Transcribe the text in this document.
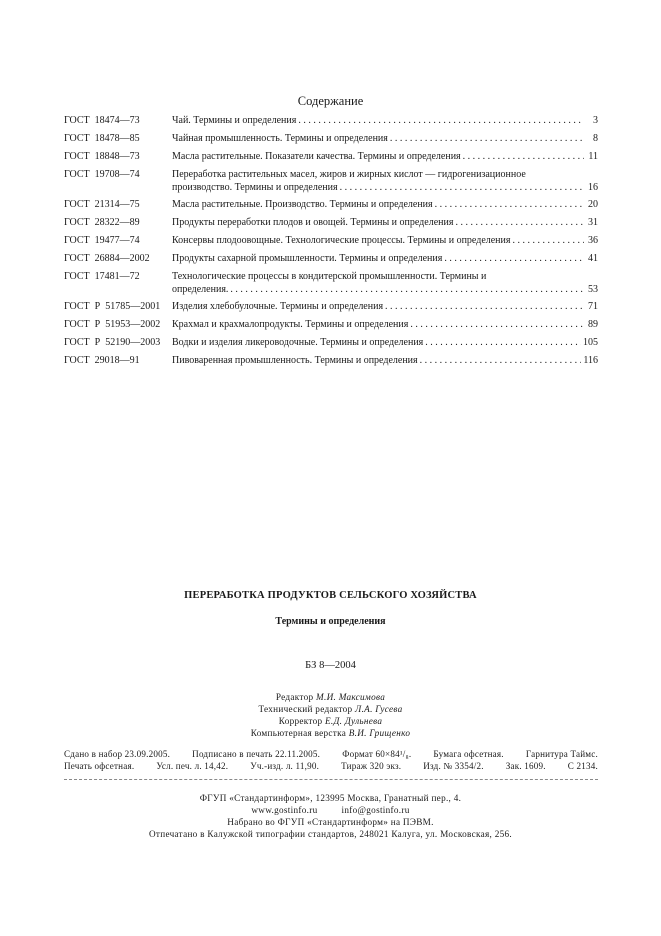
Содержание
ГОСТ  18474—73	Чай. Термины и определения . . .	3
ГОСТ  18478—85	Чайная промышленность. Термины и определения . . .	8
ГОСТ  18848—73	Масла растительные. Показатели качества. Термины и определения . . .	11
ГОСТ  19708—74	Переработка растительных масел, жиров и жирных кислот — гидрогенизационное
производство. Термины и определения . . .	16
ГОСТ  21314—75	Масла растительные. Производство. Термины и определения . . .	20
ГОСТ  28322—89	Продукты переработки плодов и овощей. Термины и определения . . .	31
ГОСТ  19477—74	Консервы плодоовощные. Технологические процессы. Термины и определения . . .	36
ГОСТ  26884—2002	Продукты сахарной промышленности. Термины и определения . . .	41
ГОСТ  17481—72	Технологические процессы в кондитерской промышленности. Термины и
определения. . . .	53
ГОСТ  Р  51785—2001	Изделия хлебобулочные. Термины и определения . . .	71
ГОСТ  Р  51953—2002	Крахмал и крахмалопродукты. Термины и определения . . .	89
ГОСТ  Р  52190—2003	Водки и изделия ликероводочные. Термины и определения . . .	105
ГОСТ  29018—91	Пивоваренная промышленность. Термины и определения . . .	116
ПЕРЕРАБОТКА ПРОДУКТОВ СЕЛЬСКОГО ХОЗЯЙСТВА
Термины и определения
БЗ 8—2004
Редактор М.И. Максимова
Технический редактор Л.А. Гусева
Корректор Е.Д. Дульнева
Компьютерная верстка В.И. Грищенко
Сдано в набор 23.09.2005. Подписано в печать 22.11.2005. Формат 60×84¹/₈. Бумага офсетная. Гарнитура Таймс.
Печать офсетная. Усл. печ. л. 14,42. Уч.-изд. л. 11,90. Тираж 320 экз. Изд. № 3354/2. Зак. 1609. С 2134.
ФГУП «Стандартинформ», 123995 Москва, Гранатный пер., 4.
www.gostinfo.ru	info@gostinfo.ru
Набрано во ФГУП «Стандартинформ» на ПЭВМ.
Отпечатано в Калужской типографии стандартов, 248021 Калуга, ул. Московская, 256.
